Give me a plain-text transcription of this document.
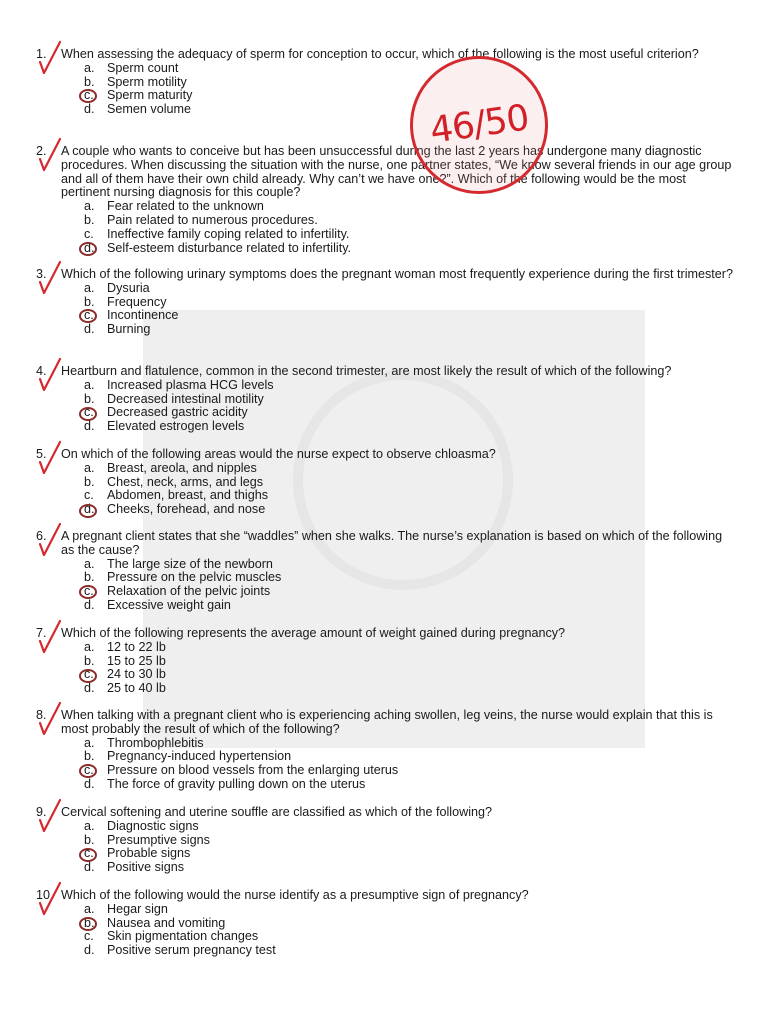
1.	When assessing the adequacy of sperm for conception to occur, which of the following is the most useful criterion?
a. Sperm count
b. Sperm motility
c. Sperm maturity
d. Semen volume
2.	A couple who wants to conceive but has been unsuccessful during the last 2 years has undergone many diagnostic procedures. When discussing the situation with the nurse, one partner states, “We know several friends in our age group and all of them have their own child already. Why can’t we have one?”. Which of the following would be the most pertinent nursing diagnosis for this couple?
a. Fear related to the unknown
b. Pain related to numerous procedures.
c. Ineffective family coping related to infertility.
d. Self-esteem disturbance related to infertility.
3.	Which of the following urinary symptoms does the pregnant woman most frequently experience during the first trimester?
a. Dysuria
b. Frequency
c. Incontinence
d. Burning
4.	Heartburn and flatulence, common in the second trimester, are most likely the result of which of the following?
a. Increased plasma HCG levels
b. Decreased intestinal motility
c. Decreased gastric acidity
d. Elevated estrogen levels
5.	On which of the following areas would the nurse expect to observe chloasma?
a. Breast, areola, and nipples
b. Chest, neck, arms, and legs
c. Abdomen, breast, and thighs
d. Cheeks, forehead, and nose
6.	A pregnant client states that she “waddles” when she walks. The nurse’s explanation is based on which of the following as the cause?
a. The large size of the newborn
b. Pressure on the pelvic muscles
c. Relaxation of the pelvic joints
d. Excessive weight gain
7.	Which of the following represents the average amount of weight gained during pregnancy?
a. 12 to 22 lb
b. 15 to 25 lb
c. 24 to 30 lb
d. 25 to 40 lb
8.	When talking with a pregnant client who is experiencing aching swollen, leg veins, the nurse would explain that this is most probably the result of which of the following?
a. Thrombophlebitis
b. Pregnancy-induced hypertension
c. Pressure on blood vessels from the enlarging uterus
d. The force of gravity pulling down on the uterus
9.	Cervical softening and uterine souffle are classified as which of the following?
a. Diagnostic signs
b. Presumptive signs
c. Probable signs
d. Positive signs
10. Which of the following would the nurse identify as a presumptive sign of pregnancy?
a. Hegar sign
b. Nausea and vomiting
c. Skin pigmentation changes
d. Positive serum pregnancy test
46/50
